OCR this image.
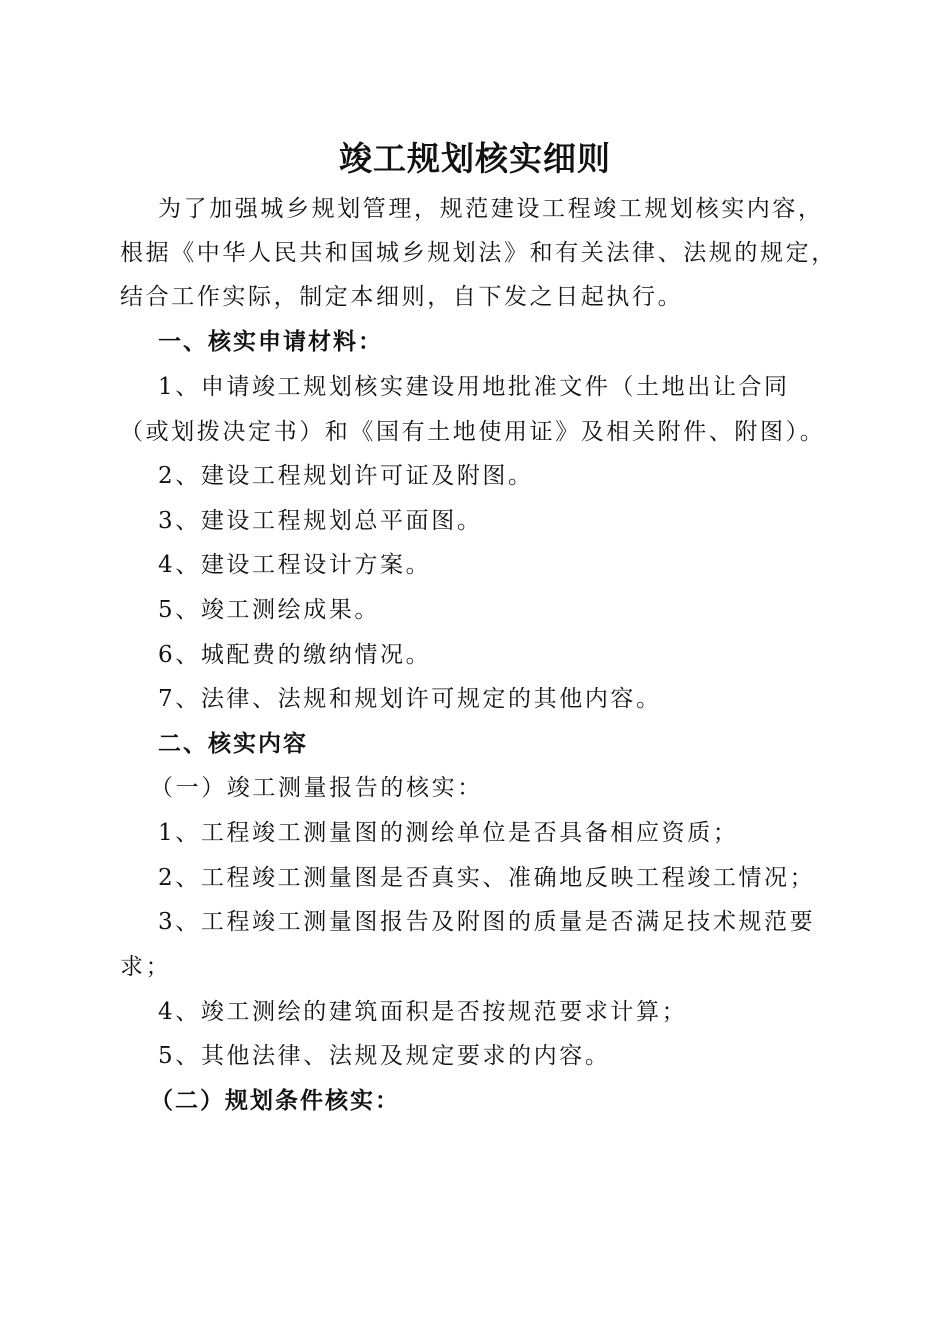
竣工规划核实细则
为了加强城乡规划管理，规范建设工程竣工规划核实内容，
根据《中华人民共和国城乡规划法》和有关法律、法规的规定，
结合工作实际，制定本细则，自下发之日起执行。
一、核实申请材料：
1、申请竣工规划核实建设用地批准文件（土地出让合同
（或划拨决定书）和《国有土地使用证》及相关附件、附图）。
2、建设工程规划许可证及附图。
3、建设工程规划总平面图。
4、建设工程设计方案。
5、竣工测绘成果。
6、城配费的缴纳情况。
7、法律、法规和规划许可规定的其他内容。
二、核实内容
（一）竣工测量报告的核实：
1、工程竣工测量图的测绘单位是否具备相应资质；
2、工程竣工测量图是否真实、准确地反映工程竣工情况；
3、工程竣工测量图报告及附图的质量是否满足技术规范要
求；
4、竣工测绘的建筑面积是否按规范要求计算；
5、其他法律、法规及规定要求的内容。
（二）规划条件核实：
